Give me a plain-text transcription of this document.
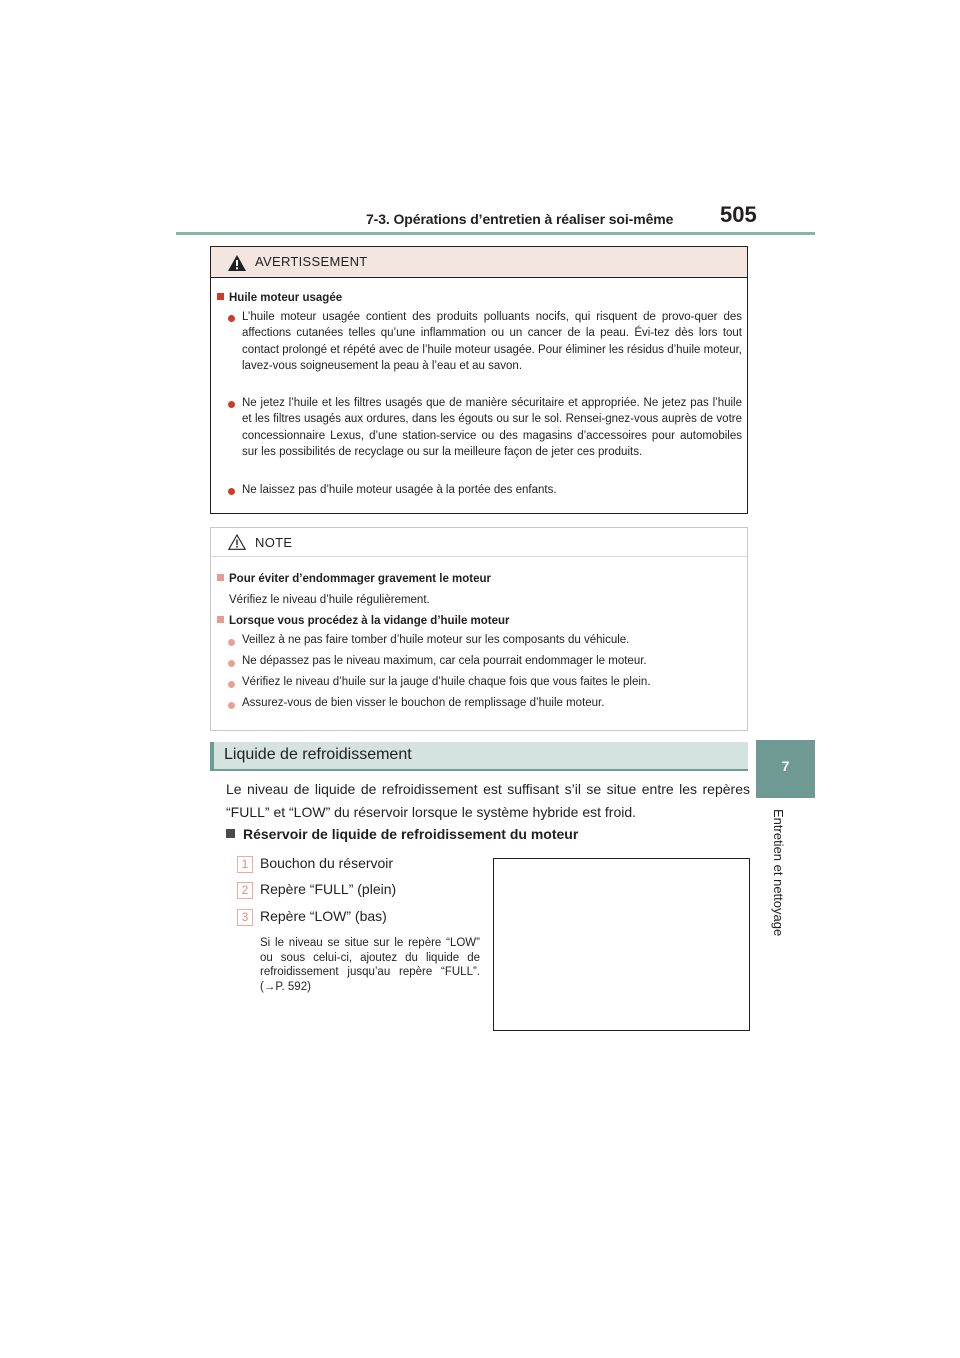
7-3. Opérations d’entretien à réaliser soi-même 505
7
Entretien et nettoyage
AVERTISSEMENT
Huile moteur usagée
L’huile moteur usagée contient des produits polluants nocifs, qui risquent de provo-quer des affections cutanées telles qu’une inflammation ou un cancer de la peau. Évi-tez dès lors tout contact prolongé et répété avec de l’huile moteur usagée. Pour éliminer les résidus d’huile moteur, lavez-vous soigneusement la peau à l’eau et au savon.
Ne jetez l’huile et les filtres usagés que de manière sécuritaire et appropriée. Ne jetez pas l’huile et les filtres usagés aux ordures, dans les égouts ou sur le sol. Rensei-gnez-vous auprès de votre concessionnaire Lexus, d’une station-service ou des magasins d’accessoires pour automobiles sur les possibilités de recyclage ou sur la meilleure façon de jeter ces produits.
Ne laissez pas d’huile moteur usagée à la portée des enfants.
NOTE
Pour éviter d’endommager gravement le moteur
Vérifiez le niveau d’huile régulièrement.
Lorsque vous procédez à la vidange d’huile moteur
Veillez à ne pas faire tomber d’huile moteur sur les composants du véhicule.
Ne dépassez pas le niveau maximum, car cela pourrait endommager le moteur.
Vérifiez le niveau d’huile sur la jauge d’huile chaque fois que vous faites le plein.
Assurez-vous de bien visser le bouchon de remplissage d’huile moteur.
Liquide de refroidissement
Le niveau de liquide de refroidissement est suffisant s’il se situe entre les repères “FULL” et “LOW” du réservoir lorsque le système hybride est froid.
Réservoir de liquide de refroidissement du moteur
1 Bouchon du réservoir
2 Repère “FULL” (plein)
3 Repère “LOW” (bas)
Si le niveau se situe sur le repère “LOW” ou sous celui-ci, ajoutez du liquide de refroidissement jusqu’au repère “FULL”. (→P. 592)
